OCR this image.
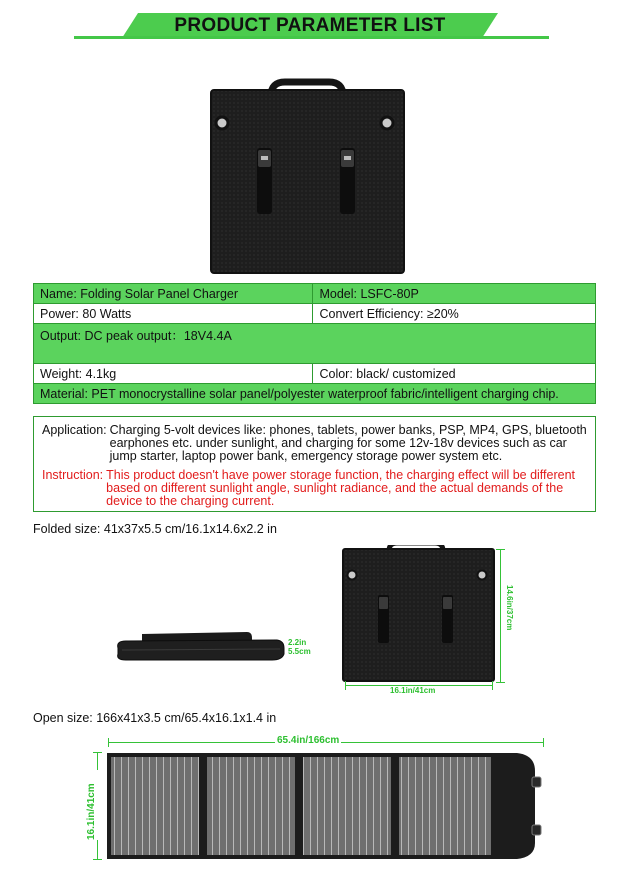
PRODUCT PARAMETER LIST
Name: Folding Solar Panel Charger	Model: LSFC-80P
Power: 80 Watts	Convert Efficiency: ≥20%
Output: DC peak output：18V4.4A	
Weight: 4.1kg	Color: black/ customized
Material: PET monocrystalline solar panel/polyester waterproof fabric/intelligent charging chip.	
Application: Charging 5-volt devices like: phones, tablets, power banks, PSP, MP4, GPS, bluetooth earphones etc. under sunlight, and charging for some 12v-18v devices such as car jump starter, laptop power bank, emergency storage power system etc.
Instruction: This product doesn't have power storage function, the charging effect will be different based on different sunlight angle, sunlight radiance, and the actual demands of the device to the charging current.
Folded size: 41x37x5.5 cm/16.1x14.6x2.2 in
2.2in
5.5cm
16.1in/41cm
14.6in/37cm
Open size: 166x41x3.5 cm/65.4x16.1x1.4 in
65.4in/166cm
16.1in/41cm
